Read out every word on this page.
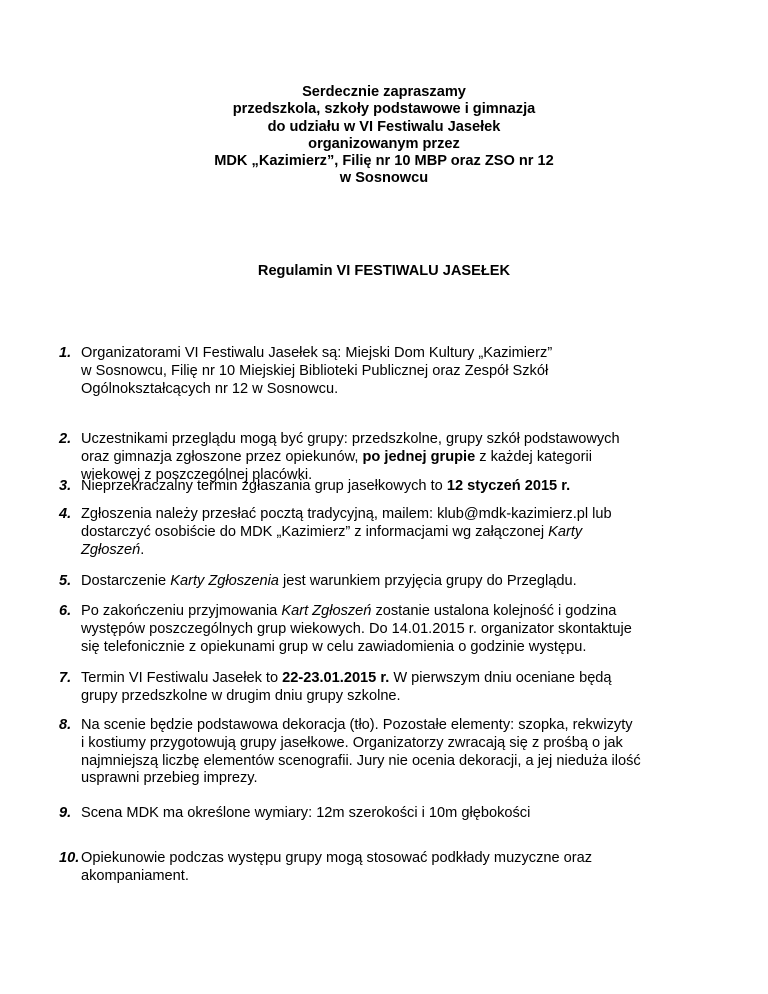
Serdecznie zapraszamy
przedszkola, szkoły podstawowe i gimnazja
do udziału w VI Festiwalu Jasełek
organizowanym przez
MDK „Kazimierz”, Filię nr 10 MBP oraz ZSO nr 12
w Sosnowcu
Regulamin VI FESTIWALU JASEŁEK
1. Organizatorami VI Festiwalu Jasełek są: Miejski Dom Kultury „Kazimierz”
w Sosnowcu, Filię nr 10 Miejskiej Biblioteki Publicznej oraz Zespół Szkół
Ogólnokształcących nr 12 w Sosnowcu.
2. Uczestnikami przeglądu mogą być grupy: przedszkolne, grupy szkół podstawowych
oraz gimnazja zgłoszone przez opiekunów, po jednej grupie z każdej kategorii
wiekowej z poszczególnej placówki.
3. Nieprzekraczalny termin zgłaszania grup jasełkowych to 12 styczeń 2015 r.
4. Zgłoszenia należy przesłać pocztą tradycyjną, mailem: klub@mdk-kazimierz.pl lub
dostarczyć osobiście do MDK „Kazimierz” z informacjami wg załączonej Karty
Zgłoszeń.
5. Dostarczenie Karty Zgłoszenia jest warunkiem przyjęcia grupy do Przeglądu.
6. Po zakończeniu przyjmowania Kart Zgłoszeń zostanie ustalona kolejność i godzina
występów poszczególnych grup wiekowych. Do 14.01.2015 r. organizator skontaktuje
się telefonicznie z opiekunami grup w celu zawiadomienia o godzinie występu.
7. Termin VI Festiwalu Jasełek to 22-23.01.2015 r. W pierwszym dniu oceniane będą
grupy przedszkolne w drugim dniu grupy szkolne.
8. Na scenie będzie podstawowa dekoracja (tło). Pozostałe elementy: szopka, rekwizyty
i kostiumy przygotowują grupy jasełkowe. Organizatorzy zwracają się z prośbą o jak
najmniejszą liczbę elementów scenografii. Jury nie ocenia dekoracji, a jej nieduża ilość
usprawni przebieg imprezy.
9. Scena MDK ma określone wymiary: 12m szerokości i 10m głębokości
10. Opiekunowie podczas występu grupy mogą stosować podkłady muzyczne oraz
akompaniament.
